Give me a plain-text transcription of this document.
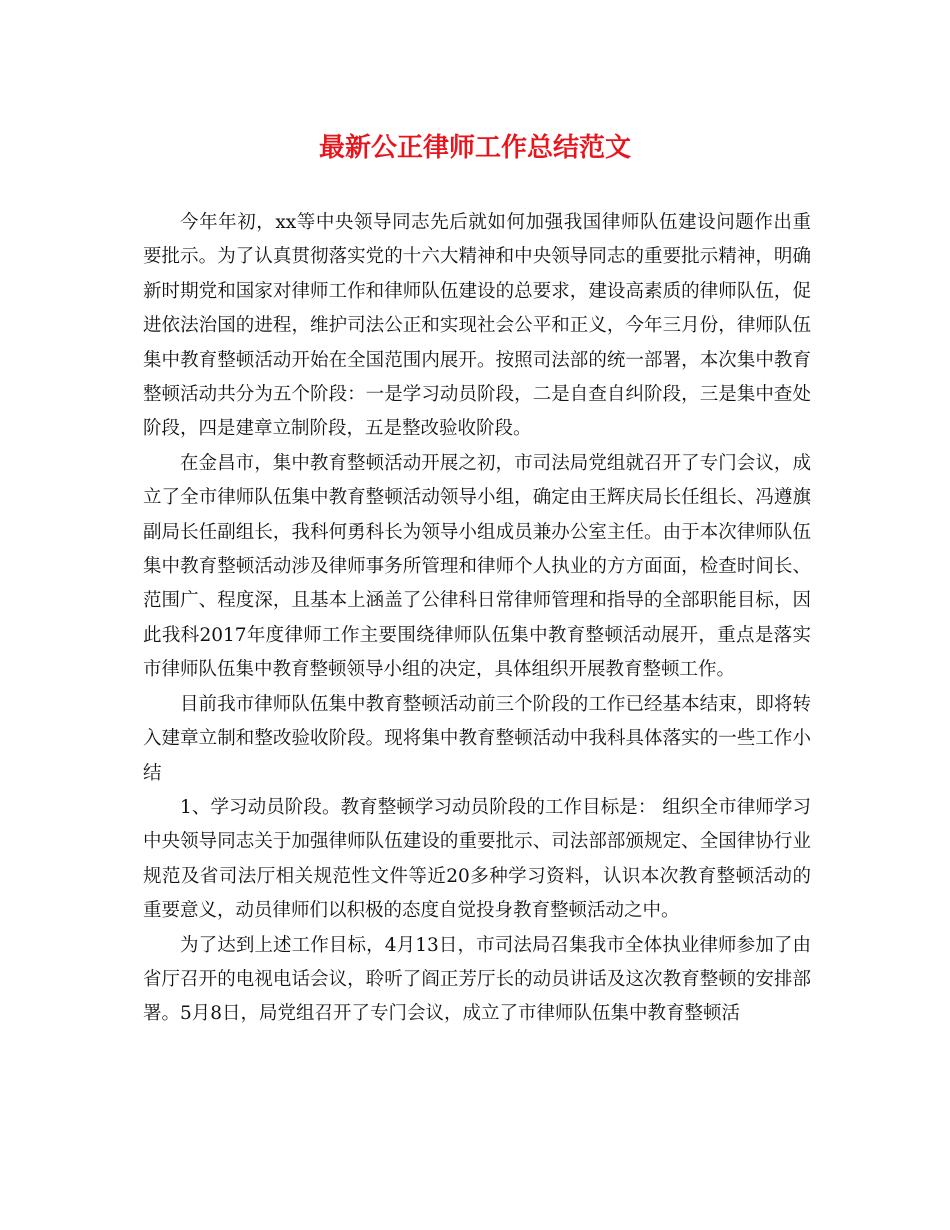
最新公正律师工作总结范文

今年年初，xx等中央领导同志先后就如何加强我国律师队伍建设问题作出重要批示。为了认真贯彻落实党的十六大精神和中央领导同志的重要批示精神，明确新时期党和国家对律师工作和律师队伍建设的总要求，建设高素质的律师队伍，促进依法治国的进程，维护司法公正和实现社会公平和正义，今年三月份，律师队伍集中教育整顿活动开始在全国范围内展开。按照司法部的统一部署，本次集中教育整顿活动共分为五个阶段：一是学习动员阶段，二是自查自纠阶段，三是集中查处阶段，四是建章立制阶段，五是整改验收阶段。

在金昌市，集中教育整顿活动开展之初，市司法局党组就召开了专门会议，成立了全市律师队伍集中教育整顿活动领导小组，确定由王辉庆局长任组长、冯遵旗副局长任副组长，我科何勇科长为领导小组成员兼办公室主任。由于本次律师队伍集中教育整顿活动涉及律师事务所管理和律师个人执业的方方面面，检查时间长、范围广、程度深，且基本上涵盖了公律科日常律师管理和指导的全部职能目标，因此我科2017年度律师工作主要围绕律师队伍集中教育整顿活动展开，重点是落实市律师队伍集中教育整顿领导小组的决定，具体组织开展教育整顿工作。

目前我市律师队伍集中教育整顿活动前三个阶段的工作已经基本结束，即将转入建章立制和整改验收阶段。现将集中教育整顿活动中我科具体落实的一些工作小结

1、学习动员阶段。教育整顿学习动员阶段的工作目标是： 组织全市律师学习中央领导同志关于加强律师队伍建设的重要批示、司法部部颁规定、全国律协行业规范及省司法厅相关规范性文件等近20多种学习资料，认识本次教育整顿活动的重要意义，动员律师们以积极的态度自觉投身教育整顿活动之中。

为了达到上述工作目标，4月13日，市司法局召集我市全体执业律师参加了由省厅召开的电视电话会议，聆听了阎正芳厅长的动员讲话及这次教育整顿的安排部署。5月8日，局党组召开了专门会议，成立了市律师队伍集中教育整顿活
